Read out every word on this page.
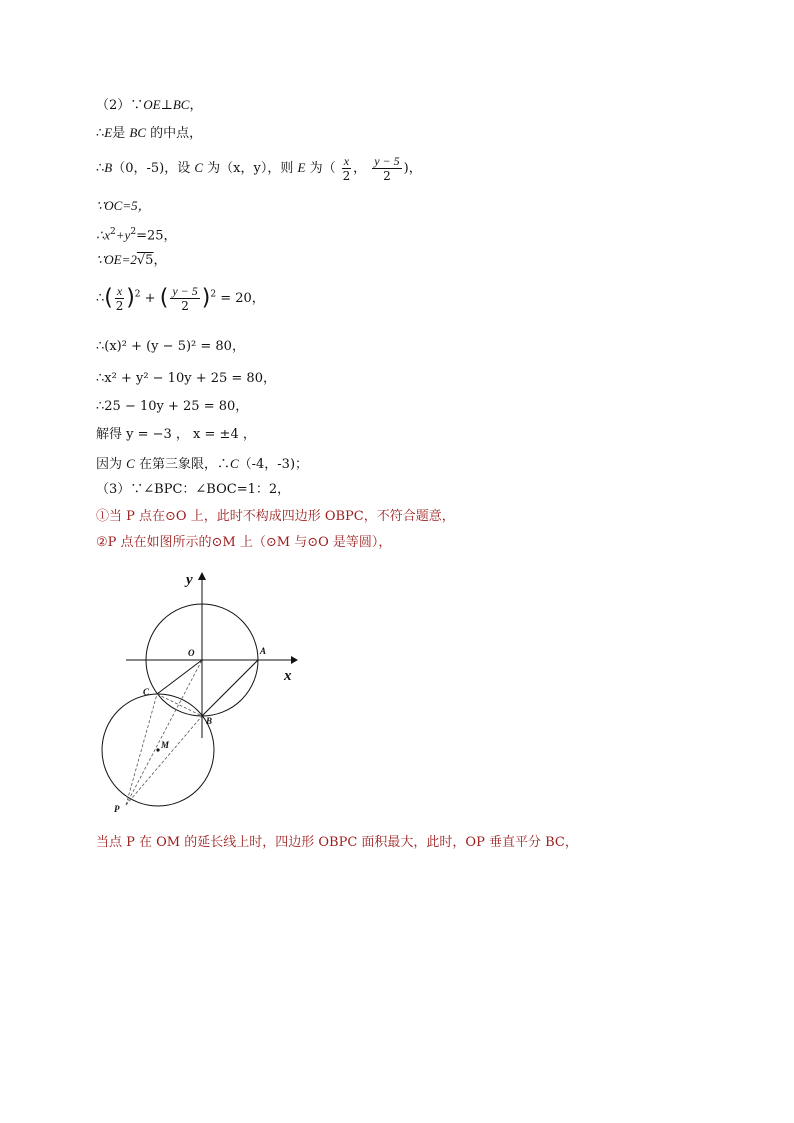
（2）∵OE⊥BC，
∴E是 BC 的中点，
∴B（0，-5)，设 C 为（x，y），则 E 为（ $\frac{x}{2}$ ， $\frac{y - 5}{2}$ )，
∵OC=5，
$\therefore x^2+y^2=25$，
∵OE=2√5，
∴( $\frac{x}{2} )^2$ + ( $\frac{y - 5}{2} )^2 = 20$，
∴(x)² + (y − 5)² = 80，
∴x² + y² − 10y + 25 = 80，
∴25 − 10y + 25 = 80，
解得 y = −3 ， x = ±4 ，
因为 C 在第三象限，∴C（-4，-3)；
（3）∵∠BPC：∠BOC=1：2，
①当 P 点在⊙O 上，此时不构成四边形 OBPC，不符合题意，
②P 点在如图所示的⊙M 上（⊙M 与⊙O 是等圆），
y
x
O	A
C
B
M
P
当点 P 在 OM 的延长线上时，四边形 OBPC 面积最大，此时，OP 垂直平分 BC，
